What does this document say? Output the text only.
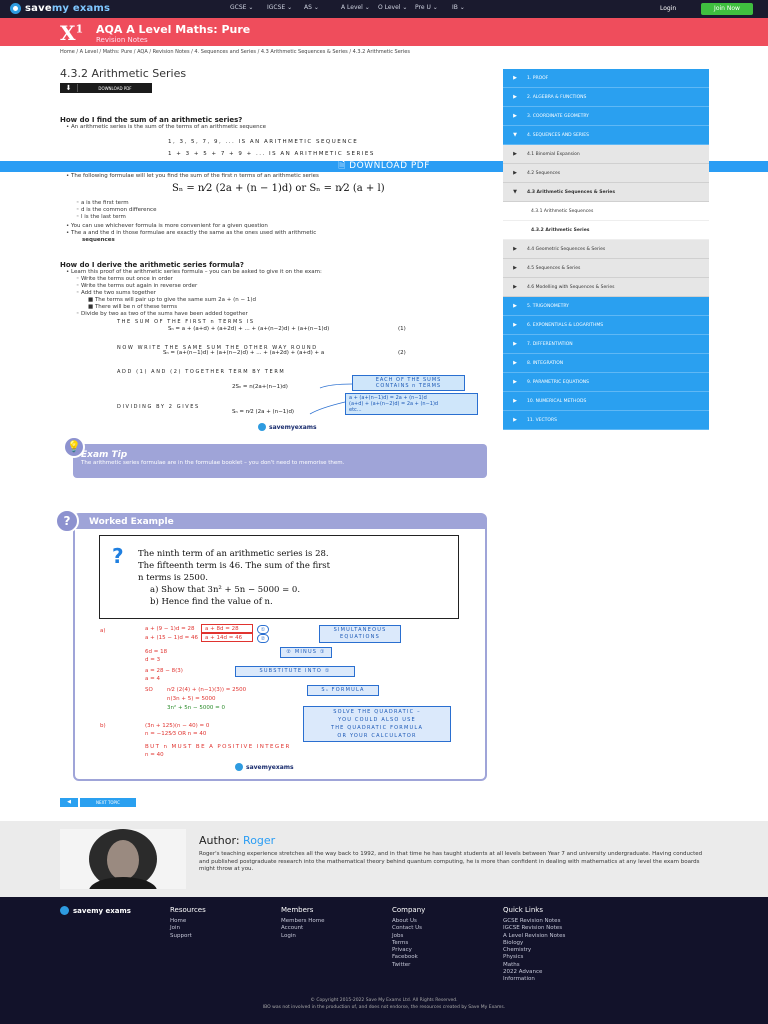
savemy exams	GCSE ⌄	IGCSE ⌄	AS ⌄	A Level ⌄	O Level ⌄	Pre U ⌄	IB ⌄	Login	Join Now
$X^1$ AQA A Level Maths: Pure
Revision Notes
Home / A Level / Maths: Pure / AQA / Revision Notes / 4. Sequences and Series / 4.3 Arithmetic Sequences & Series / 4.3.2 Arithmetic Series
4.3.2 Arithmetic Series
⬇	DOWNLOAD PDF
How do I find the sum of an arithmetic series?
• An arithmetic series is the sum of the terms of an arithmetic sequence
1, 3, 5, 7, 9, ... IS AN ARITHMETIC SEQUENCE
1 + 3 + 5 + 7 + 9 + ... IS AN ARITHMETIC SERIES
🗎 DOWNLOAD PDF
• The following formulae will let you find the sum of the first n terms of an arithmetic series
Sₙ = n⁄2 (2a + (n − 1)d) or Sₙ = n⁄2 (a + l)
◦ a is the first term
◦ d is the common difference
◦ l is the last term
• You can use whichever formula is more convenient for a given question
• The a and the d in those formulae are exactly the same as the ones used with arithmetic
sequences
How do I derive the arithmetic series formula?
• Learn this proof of the arithmetic series formula – you can be asked to give it on the exam:
◦ Write the terms out once in order
◦ Write the terms out again in reverse order
◦ Add the two sums together
■ The terms will pair up to give the same sum 2a + (n − 1)d
■ There will be n of these terms
◦ Divide by two as two of the sums have been added together
THE SUM OF THE FIRST n TERMS IS
Sₙ = a + (a+d) + (a+2d) + ... + (a+(n−2)d) + (a+(n−1)d)	(1)
NOW WRITE THE SAME SUM THE OTHER WAY ROUND
Sₙ = (a+(n−1)d) + (a+(n−2)d) + ... + (a+2d) + (a+d) + a	(2)
ADD (1) AND (2) TOGETHER TERM BY TERM
2Sₙ = n(2a+(n−1)d)
DIVIDING BY 2 GIVES
Sₙ = n⁄2 (2a + (n−1)d)
EACH OF THE SUMS
CONTAINS n TERMS
a + (a+(n−1)d) = 2a + (n−1)d
(a+d) + (a+(n−2)d) = 2a + (n−1)d
etc...
savemyexams
💡
Exam Tip
The arithmetic series formulae are in the formulae booklet – you don't need to memorise them.
?	Worked Example
? The ninth term of an arithmetic series is 28.
The fifteenth term is 46. The sum of the first
n terms is 2500.
a) Show that 3n² + 5n − 5000 = 0.
b) Hence find the value of n.
a)	a + (9 − 1)d = 28 a + 8d = 28	①
a + (15 − 1)d = 46 a + 14d = 46	②
SIMULTANEOUS
EQUATIONS
6d = 18
d = 3
② MINUS ①
a = 28 − 8(3)
a = 4
SUBSTITUTE INTO ①
SO	n⁄2 (2(4) + (n−1)(3)) = 2500
n(3n + 5) = 5000
3n² + 5n − 5000 = 0
Sₙ FORMULA
b)	(3n + 125)(n − 40) = 0
n = −125⁄3 OR n = 40
BUT n MUST BE A POSITIVE INTEGER
n = 40
SOLVE THE QUADRATIC –
YOU COULD ALSO USE
THE QUADRATIC FORMULA
OR YOUR CALCULATOR
savemyexams
▶	1. PROOF
▶	2. ALGEBRA & FUNCTIONS
▶	3. COORDINATE GEOMETRY
▼	4. SEQUENCES AND SERIES
▶	4.1 Binomial Expansion
▶	4.2 Sequences
▼	4.3 Arithmetic Sequences & Series
4.3.1 Arithmetic Sequences
4.3.2 Arithmetic Series
▶	4.4 Geometric Sequences & Series
▶	4.5 Sequences & Series
▶	4.6 Modelling with Sequences & Series
▶	5. TRIGONOMETRY
▶	6. EXPONENTIALS & LOGARITHMS
▶	7. DIFFERENTIATION
▶	8. INTEGRATION
▶	9. PARAMETRIC EQUATIONS
▶	10. NUMERICAL METHODS
▶	11. VECTORS
◀	NEXT TOPIC
Author: Roger
Roger's teaching experience stretches all the way back to 1992, and in that time he has taught students at all levels between Year 7 and university undergraduate. Having conducted and published postgraduate research into the mathematical theory behind quantum computing, he is more than confident in dealing with mathematics at any level the exam boards might throw at you.
savemy exams	Resources
Home
Join
Support
Members
Members Home
Account
Login
Company
About Us
Contact Us
Jobs
Terms
Privacy
Facebook
Twitter
Quick Links
GCSE Revision Notes
IGCSE Revision Notes
A Level Revision Notes
Biology
Chemistry
Physics
Maths
2022 Advance
Information
© Copyright 2015-2022 Save My Exams Ltd. All Rights Reserved.
IBO was not involved in the production of, and does not endorse, the resources created by Save My Exams.
